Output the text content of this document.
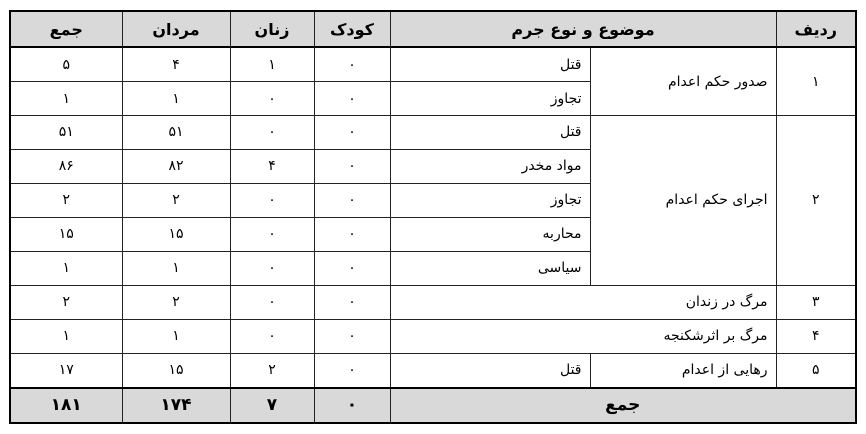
ردیف	موضوع و نوع جرم		کودک	زنان	مردان	جمع
۱	صدور حکم اعدام	قتل	۰	۱	۴	۵
		تجاوز	۰	۰	۱	۱
۲	اجرای حکم اعدام	قتل	۰	۰	۵۱	۵۱
		مواد مخدر	۰	۴	۸۲	۸۶
		تجاوز	۰	۰	۲	۲
		محاربه	۰	۰	۱۵	۱۵
		سیاسی	۰	۰	۱	۱
۳	مرگ در زندان		۰	۰	۲	۲
۴	مرگ بر اثرشکنجه		۰	۰	۱	۱
۵	رهایی از اعدام	قتل	۰	۲	۱۵	۱۷
جمع			۰	۷	۱۷۴	۱۸۱
